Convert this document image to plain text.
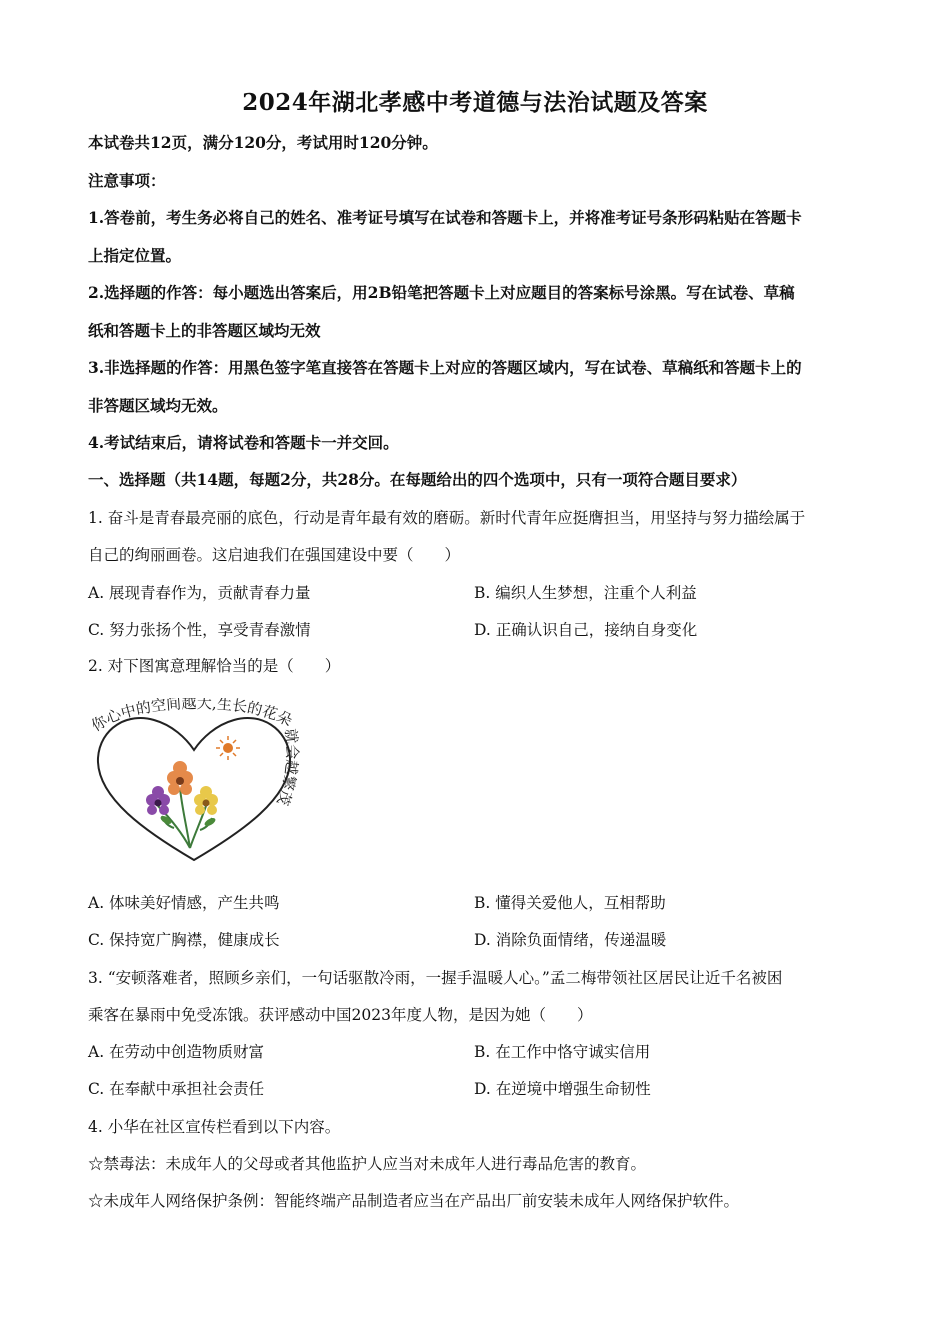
2024年湖北孝感中考道德与法治试题及答案
本试卷共12页，满分120分，考试用时120分钟。
注意事项：
1.答卷前，考生务必将自己的姓名、准考证号填写在试卷和答题卡上，并将准考证号条形码粘贴在答题卡
上指定位置。
2.选择题的作答：每小题选出答案后，用2B铅笔把答题卡上对应题目的答案标号涂黑。写在试卷、草稿
纸和答题卡上的非答题区域均无效
3.非选择题的作答：用黑色签字笔直接答在答题卡上对应的答题区域内，写在试卷、草稿纸和答题卡上的
非答题区域均无效。
4.考试结束后，请将试卷和答题卡一并交回。
一、选择题（共14题，每题2分，共28分。在每题给出的四个选项中，只有一项符合题目要求）
1. 奋斗是青春最亮丽的底色，行动是青年最有效的磨砺。新时代青年应挺膺担当，用坚持与努力描绘属于
自己的绚丽画卷。这启迪我们在强国建设中要（　　）
A. 展现青春作为，贡献青春力量	B. 编织人生梦想，注重个人利益
C. 努力张扬个性，享受青春激情	D. 正确认识自己，接纳自身变化
2. 对下图寓意理解恰当的是（　　）
你心中的空间越大,生长的花朵就会越繁茂
A. 体味美好情感，产生共鸣	B. 懂得关爱他人，互相帮助
C. 保持宽广胸襟，健康成长	D. 消除负面情绪，传递温暖
3. “安顿落难者，照顾乡亲们，一句话驱散冷雨，一握手温暖人心。”孟二梅带领社区居民让近千名被困
乘客在暴雨中免受冻饿。获评感动中国2023年度人物，是因为她（　　）
A. 在劳动中创造物质财富	B. 在工作中恪守诚实信用
C. 在奉献中承担社会责任	D. 在逆境中增强生命韧性
4. 小华在社区宣传栏看到以下内容。
☆禁毒法：未成年人的父母或者其他监护人应当对未成年人进行毒品危害的教育。
☆未成年人网络保护条例：智能终端产品制造者应当在产品出厂前安装未成年人网络保护软件。
